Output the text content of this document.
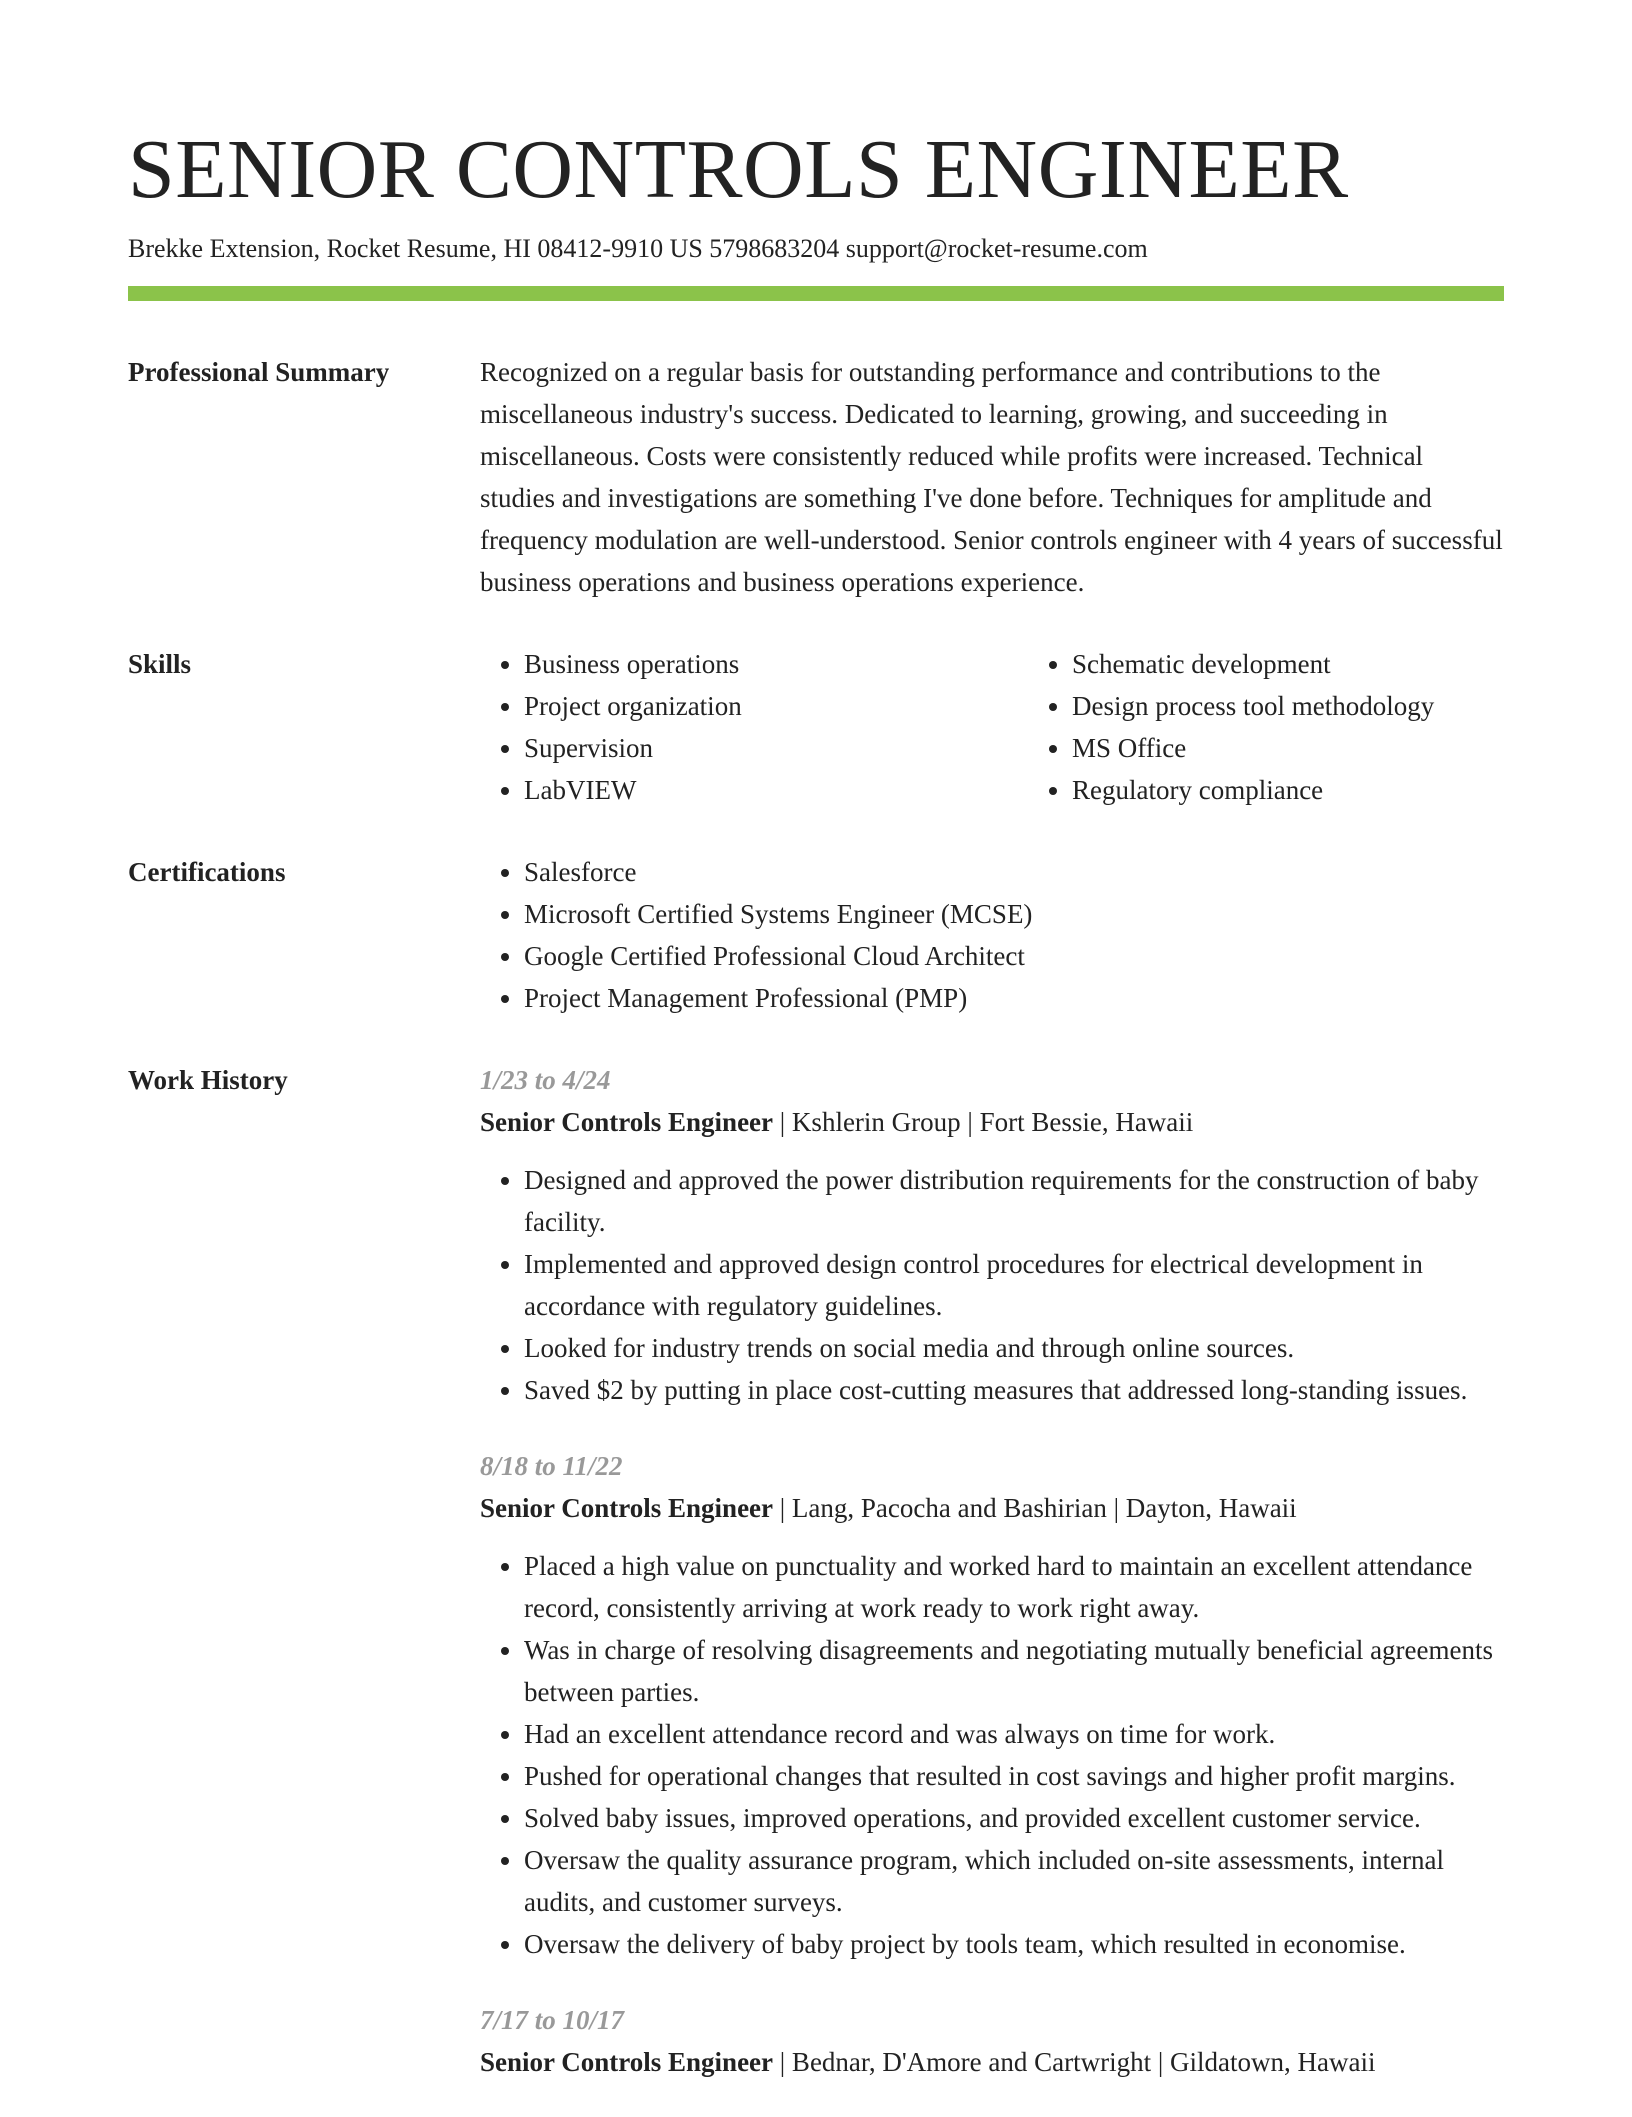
SENIOR CONTROLS ENGINEER
Brekke Extension, Rocket Resume, HI 08412-9910 US 5798683204 support@rocket-resume.com
Professional Summary	Recognized on a regular basis for outstanding performance and contributions to the miscellaneous industry's success. Dedicated to learning, growing, and succeeding in miscellaneous. Costs were consistently reduced while profits were increased. Technical studies and investigations are something I've done before. Techniques for amplitude and frequency modulation are well-understood. Senior controls engineer with 4 years of successful business operations and business operations experience.

Skills	• Business operations
• Project organization
• Supervision
• LabVIEW
• Schematic development
• Design process tool methodology
• MS Office
• Regulatory compliance
Certifications	• Salesforce
• Microsoft Certified Systems Engineer (MCSE)
• Google Certified Professional Cloud Architect
• Project Management Professional (PMP)
Work History	1/23 to 4/24
Senior Controls Engineer | Kshlerin Group | Fort Bessie, Hawaii
• Designed and approved the power distribution requirements for the construction of baby facility.
• Implemented and approved design control procedures for electrical development in accordance with regulatory guidelines.
• Looked for industry trends on social media and through online sources.
• Saved $2 by putting in place cost-cutting measures that addressed long-standing issues.
8/18 to 11/22
Senior Controls Engineer | Lang, Pacocha and Bashirian | Dayton, Hawaii
• Placed a high value on punctuality and worked hard to maintain an excellent attendance record, consistently arriving at work ready to work right away.
• Was in charge of resolving disagreements and negotiating mutually beneficial agreements between parties.
• Had an excellent attendance record and was always on time for work.
• Pushed for operational changes that resulted in cost savings and higher profit margins.
• Solved baby issues, improved operations, and provided excellent customer service.
• Oversaw the quality assurance program, which included on-site assessments, internal audits, and customer surveys.
• Oversaw the delivery of baby project by tools team, which resulted in economise.
7/17 to 10/17
Senior Controls Engineer | Bednar, D'Amore and Cartwright | Gildatown, Hawaii
